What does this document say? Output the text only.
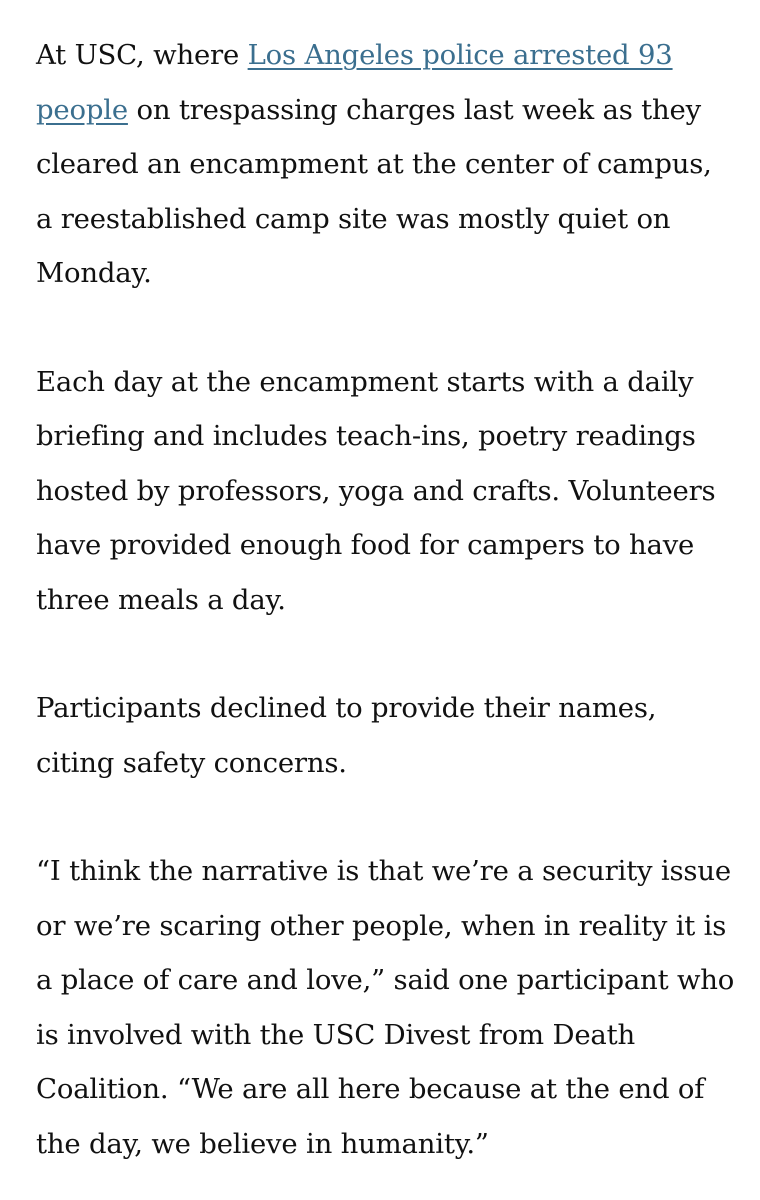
At USC, where Los Angeles police arrested 93 people on trespassing charges last week as they cleared an encampment at the center of campus, a reestablished camp site was mostly quiet on Monday.

Each day at the encampment starts with a daily briefing and includes teach-ins, poetry readings hosted by professors, yoga and crafts. Volunteers have provided enough food for campers to have three meals a day.

Participants declined to provide their names, citing safety concerns.

“I think the narrative is that we’re a security issue or we’re scaring other people, when in reality it is a place of care and love,” said one participant who is involved with the USC Divest from Death Coalition. “We are all here because at the end of the day, we believe in humanity.”
